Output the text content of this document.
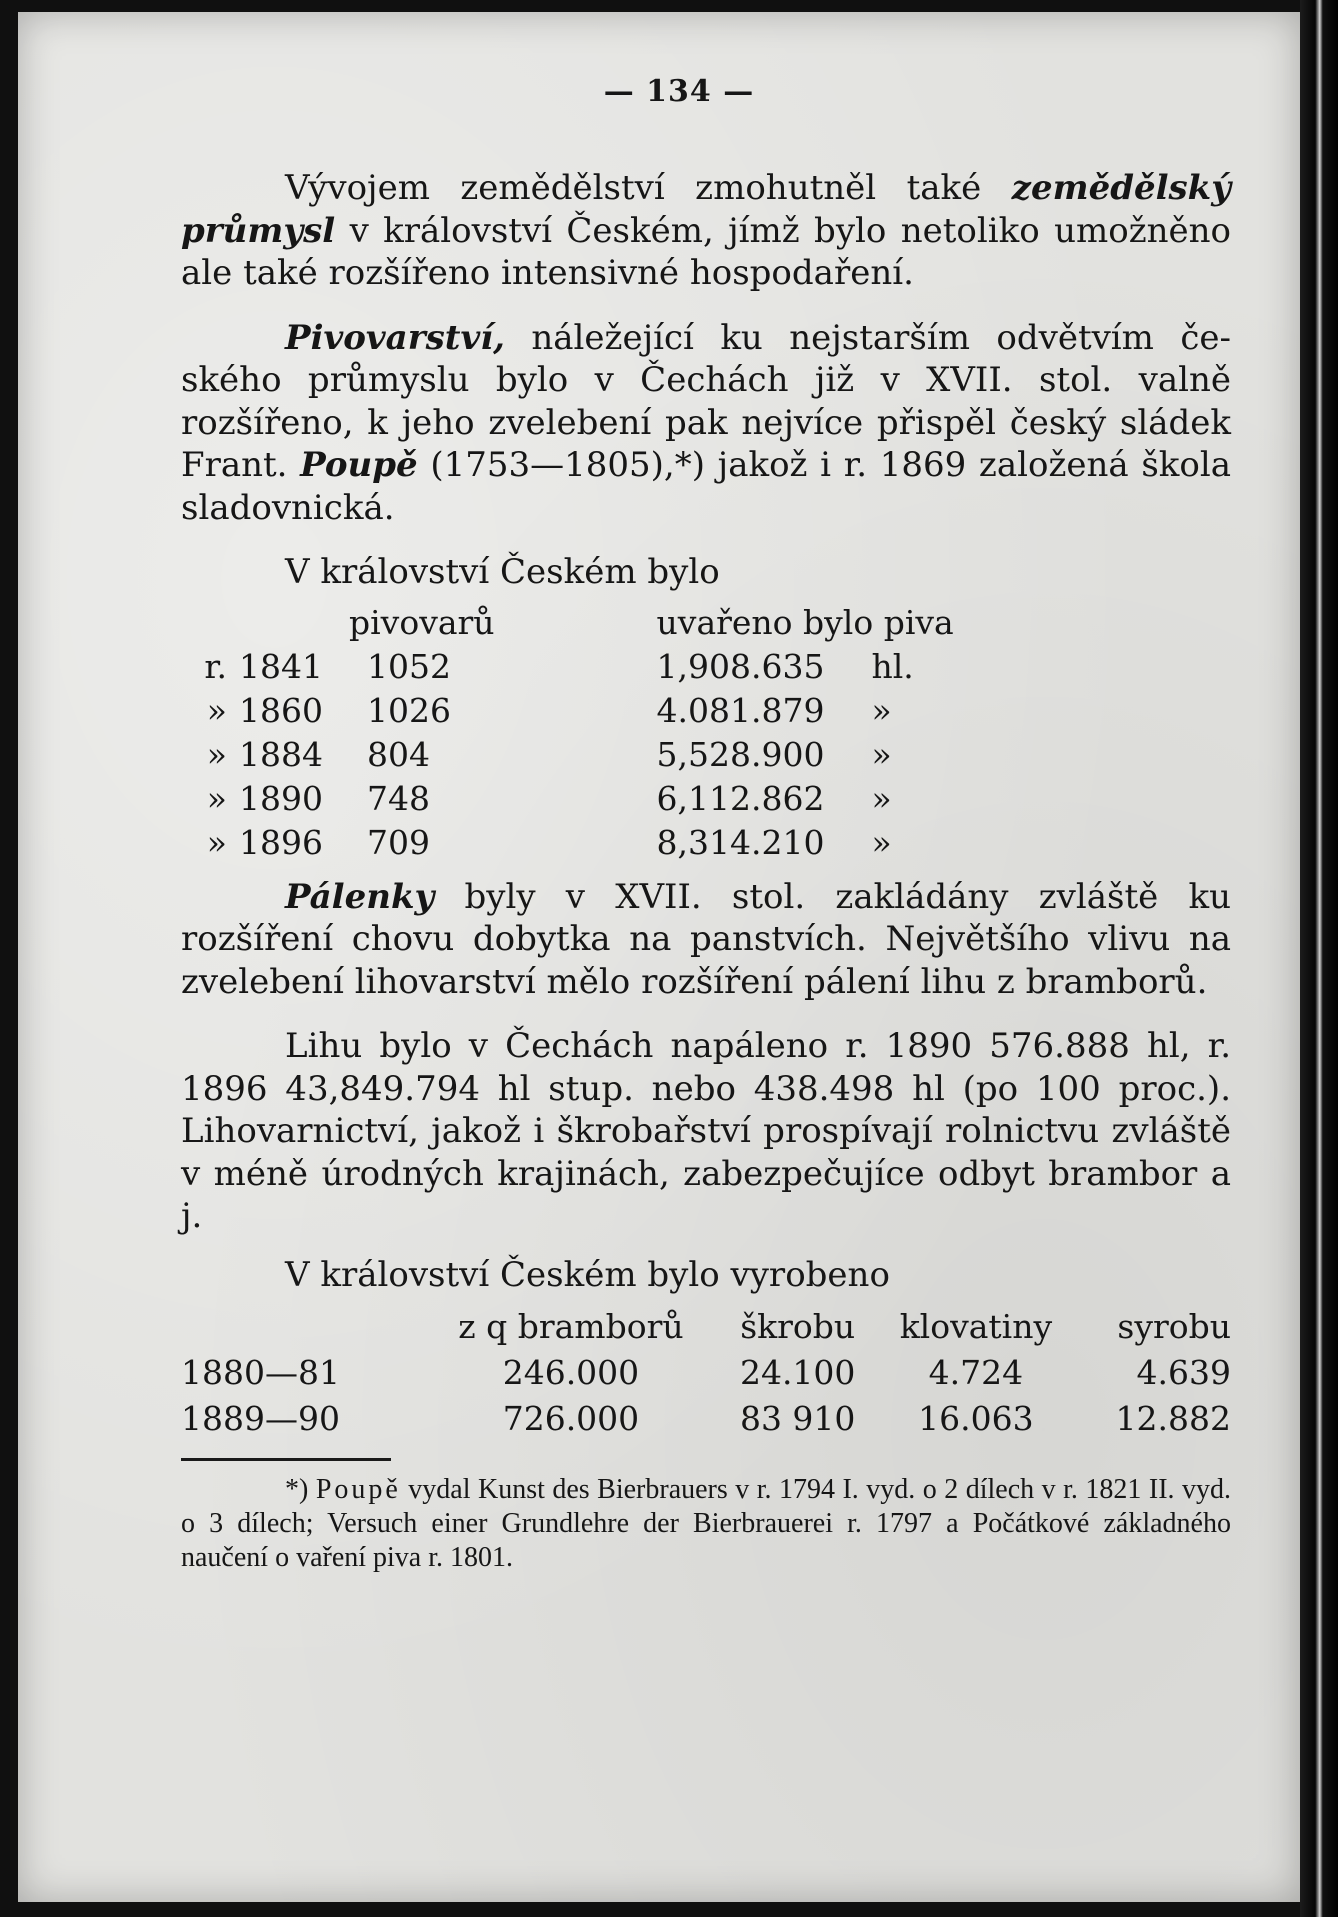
— 134 —

Vývojem zemědělství zmohutněl také zemědělský průmysl v království Českém, jímž bylo netoliko umožněno ale také rozšířeno intensivné hospodaření.

Pivovarství, náležející ku nejstarším odvětvím českého průmyslu bylo v Čechách již v XVII. stol. valně rozšířeno, k jeho zvelebení pak nejvíce přispěl český sládek Frant. Poupě (1753—1805),*) jakož i r. 1869 založená škola sladovnická.

V království Českém bylo

		pivovarů		uvařeno bylo piva	
r.	1841	1052		1,908.635	hl.
»	1860	1026		4.081.879	»
»	1884	804		5,528.900	»
»	1890	748		6,112.862	»
»	1896	709		8,314.210	»

Pálenky byly v XVII. stol. zakládány zvláště ku rozšíření chovu dobytka na panstvích. Největšího vlivu na zvelebení lihovarství mělo rozšíření pálení lihu z bramborů.

Lihu bylo v Čechách napáleno r. 1890 576.888 hl, r. 1896 43,849.794 hl stup. nebo 438.498 hl (po 100 proc.). Lihovarnictví, jakož i škrobařství prospívají rolnictvu zvláště v méně úrodných krajinách, zabezpečujíce odbyt brambor a j.

V království Českém bylo vyrobeno

	z q bramborů	škrobu	klovatiny	syrobu
1880—81	246.000	24.100	4.724	4.639
1889—90	726.000	83 910	16.063	12.882

*) Poupě vydal Kunst des Bierbrauers v r. 1794 I. vyd. o 2 dílech v r. 1821 II. vyd. o 3 dílech; Versuch einer Grundlehre der Bierbrauerei r. 1797 a Počátkové základného naučení o vaření piva r. 1801.
